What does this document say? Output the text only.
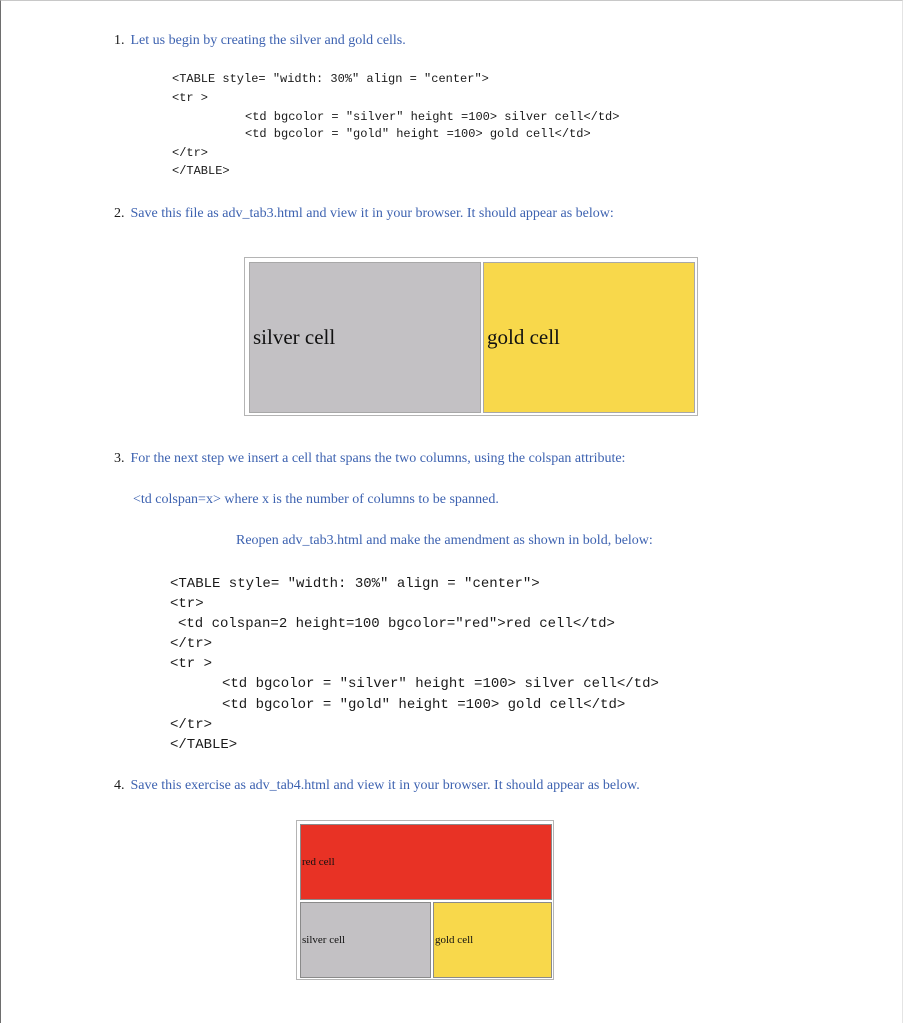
1. Let us begin by creating the silver and gold cells.
<TABLE style= "width: 30%" align = "center">
<tr >
<td bgcolor = "silver" height =100> silver cell</td>
<td bgcolor = "gold" height =100> gold cell</td>
</tr>
</TABLE>
2. Save this file as adv_tab3.html and view it in your browser. It should appear as below:
silver cell	gold cell
3. For the next step we insert a cell that spans the two columns, using the colspan attribute:
<td colspan=x> where x is the number of columns to be spanned.
Reopen adv_tab3.html and make the amendment as shown in bold, below:
<TABLE style= "width: 30%" align = "center">
<tr>
<td colspan=2 height=100 bgcolor="red">red cell</td>
</tr>
<tr >
<td bgcolor = "silver" height =100> silver cell</td>
<td bgcolor = "gold" height =100> gold cell</td>
</tr>
</TABLE>
4. Save this exercise as adv_tab4.html and view it in your browser. It should appear as below.
red cell
silver cell	gold cell
